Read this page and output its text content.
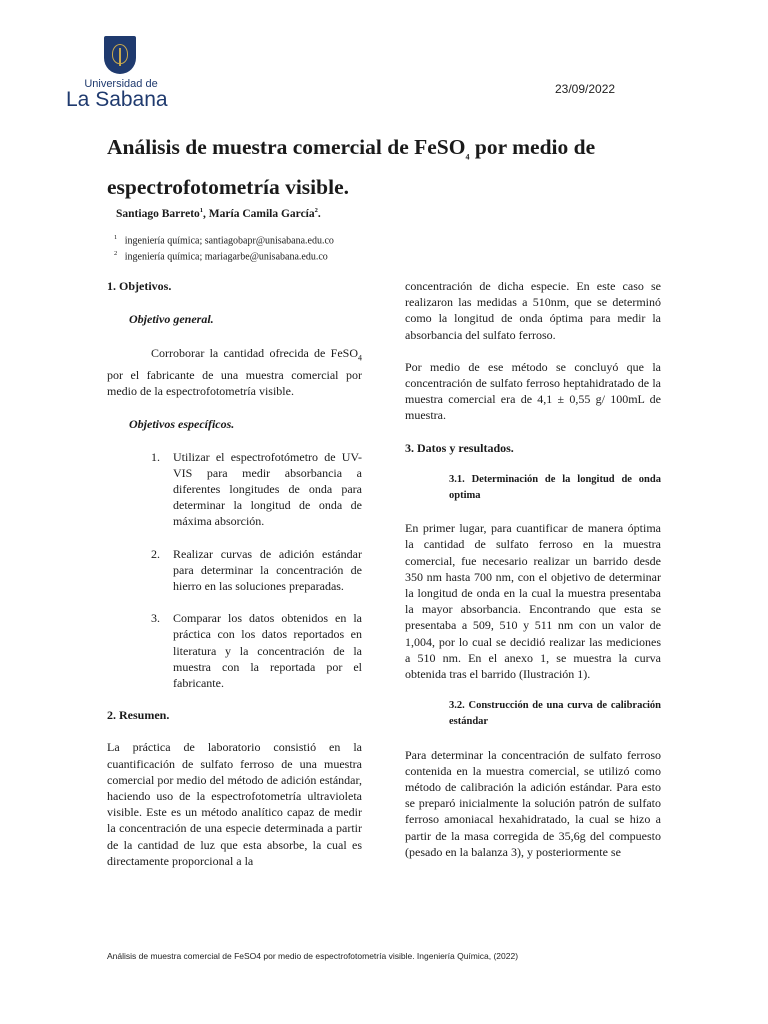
Universidad de
La Sabana	23/09/2022
Análisis de muestra comercial de FeSO$_4$ por medio de
espectrofotometría visible.
Santiago Barreto$^1$, María Camila García$^2$.
$^1$ ingeniería química; santiagobapr@unisabana.edu.co
$^2$ ingeniería química; mariagarbe@unisabana.edu.co
1. Objetivos.

Objetivo general.

Corroborar la cantidad ofrecida de FeSO$_4$ por el fabricante de una muestra comercial por medio de la espectrofotometría visible.

Objetivos específicos.

1.	Utilizar el espectrofotómetro de UV-VIS para medir absorbancia a diferentes longitudes de onda para determinar la longitud de onda de máxima absorción.
2.	Realizar curvas de adición estándar para determinar la concentración de hierro en las soluciones preparadas.
3.	Comparar los datos obtenidos en la práctica con los datos reportados en literatura y la concentración de la muestra con la reportada por el fabricante.
2. Resumen.

La práctica de laboratorio consistió en la cuantificación de sulfato ferroso de una muestra comercial por medio del método de adición estándar, haciendo uso de la espectrofotometría ultravioleta visible. Este es un método analítico capaz de medir la concentración de una especie determinada a partir de la cantidad de luz que esta absorbe, la cual es directamente proporcional a la

concentración de dicha especie. En este caso se realizaron las medidas a 510nm, que se determinó como la longitud de onda óptima para medir la absorbancia del sulfato ferroso.

Por medio de ese método se concluyó que la concentración de sulfato ferroso heptahidratado de la muestra comercial era de 4,1 ± 0,55 g/ 100mL de muestra.

3. Datos y resultados.

3.1. Determinación de la longitud de onda optima

En primer lugar, para cuantificar de manera óptima la cantidad de sulfato ferroso en la muestra comercial, fue necesario realizar un barrido desde 350 nm hasta 700 nm, con el objetivo de determinar la longitud de onda en la cual la muestra presentaba la mayor absorbancia. Encontrando que esta se presentaba a 509, 510 y 511 nm con un valor de 1,004, por lo cual se decidió realizar las mediciones a 510 nm. En el anexo 1, se muestra la curva obtenida tras el barrido (Ilustración 1).

3.2. Construcción de una curva de calibración estándar

Para determinar la concentración de sulfato ferroso contenida en la muestra comercial, se utilizó como método de calibración la adición estándar. Para esto se preparó inicialmente la solución patrón de sulfato ferroso amoniacal hexahidratado, la cual se hizo a partir de la masa corregida de 35,6g del compuesto (pesado en la balanza 3), y posteriormente se

Análisis de muestra comercial de FeSO4 por medio de espectrofotometría visible. Ingeniería Química, (2022)
